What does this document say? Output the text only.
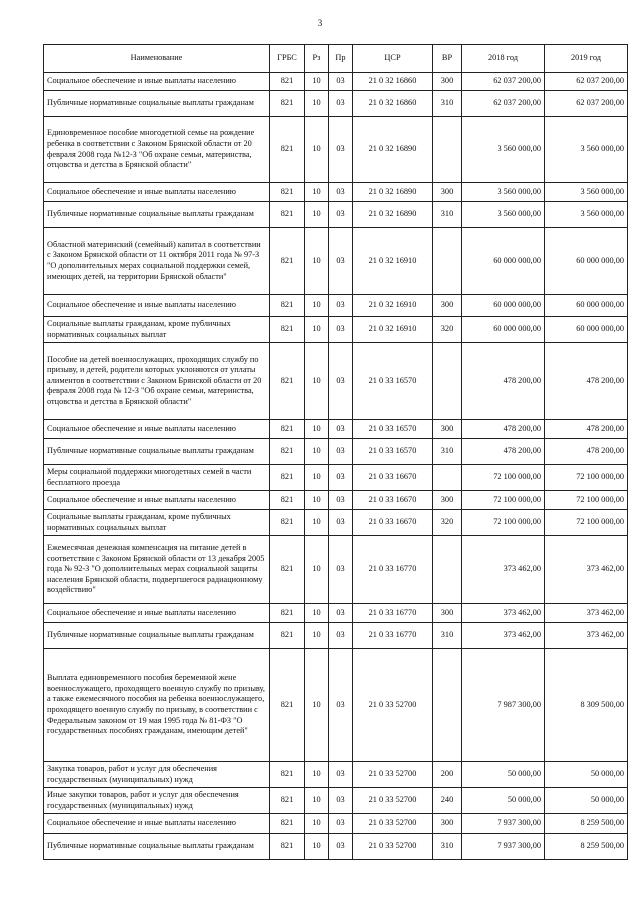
3
Наименование	ГРБС	Рз	Пр	ЦСР	ВР	2018 год	2019 год
Социальное обеспечение и иные выплаты населению	821	10	03	21 0 32 16860	300	62 037 200,00	62 037 200,00
Публичные нормативные социальные выплаты гражданам	821	10	03	21 0 32 16860	310	62 037 200,00	62 037 200,00
Единовременное пособие многодетной семье на рождение ребенка в соответствии с Законом Брянской области от 20 февраля 2008 года №12-З "Об охране семьи, материнства, отцовства и детства в Брянской области"	821	10	03	21 0 32 16890		3 560 000,00	3 560 000,00
Социальное обеспечение и иные выплаты населению	821	10	03	21 0 32 16890	300	3 560 000,00	3 560 000,00
Публичные нормативные социальные выплаты гражданам	821	10	03	21 0 32 16890	310	3 560 000,00	3 560 000,00
Областной материнский (семейный) капитал в соответствии с Законом Брянской области от 11 октября 2011 года № 97-З "О дополнительных мерах социальной поддержки семей, имеющих детей, на территории Брянской области"	821	10	03	21 0 32 16910		60 000 000,00	60 000 000,00
Социальное обеспечение и иные выплаты населению	821	10	03	21 0 32 16910	300	60 000 000,00	60 000 000,00
Социальные выплаты гражданам, кроме публичных нормативных социальных выплат	821	10	03	21 0 32 16910	320	60 000 000,00	60 000 000,00
Пособие на детей военнослужащих, проходящих службу по призыву, и детей, родители которых уклоняются от уплаты алиментов в соответствии с Законом Брянской области от 20 февраля 2008 года № 12-З "Об охране семьи, материнства, отцовства и детства в Брянской области"	821	10	03	21 0 33 16570		478 200,00	478 200,00
Социальное обеспечение и иные выплаты населению	821	10	03	21 0 33 16570	300	478 200,00	478 200,00
Публичные нормативные социальные выплаты гражданам	821	10	03	21 0 33 16570	310	478 200,00	478 200,00
Меры социальной поддержки многодетных семей в части бесплатного проезда	821	10	03	21 0 33 16670		72 100 000,00	72 100 000,00
Социальное обеспечение и иные выплаты населению	821	10	03	21 0 33 16670	300	72 100 000,00	72 100 000,00
Социальные выплаты гражданам, кроме публичных нормативных социальных выплат	821	10	03	21 0 33 16670	320	72 100 000,00	72 100 000,00
Ежемесячная денежная компенсация на питание детей в соответствии с Законом Брянской области от 13 декабря 2005 года № 92-З "О дополнительных мерах социальной защиты населения Брянской области, подвергшегося радиационному воздействию"	821	10	03	21 0 33 16770		373 462,00	373 462,00
Социальное обеспечение и иные выплаты населению	821	10	03	21 0 33 16770	300	373 462,00	373 462,00
Публичные нормативные социальные выплаты гражданам	821	10	03	21 0 33 16770	310	373 462,00	373 462,00
Выплата единовременного пособия беременной жене военнослужащего, проходящего военную службу по призыву, а также ежемесячного пособия на ребенка военнослужащего, проходящего военную службу по призыву, в соответствии с Федеральным законом от 19 мая 1995 года № 81-ФЗ "О государственных пособиях гражданам, имеющим детей"	821	10	03	21 0 33 52700		7 987 300,00	8 309 500,00
Закупка товаров, работ и услуг для обеспечения государственных (муниципальных) нужд	821	10	03	21 0 33 52700	200	50 000,00	50 000,00
Иные закупки товаров, работ и услуг для обеспечения государственных (муниципальных) нужд	821	10	03	21 0 33 52700	240	50 000,00	50 000,00
Социальное обеспечение и иные выплаты населению	821	10	03	21 0 33 52700	300	7 937 300,00	8 259 500,00
Публичные нормативные социальные выплаты гражданам	821	10	03	21 0 33 52700	310	7 937 300,00	8 259 500,00
